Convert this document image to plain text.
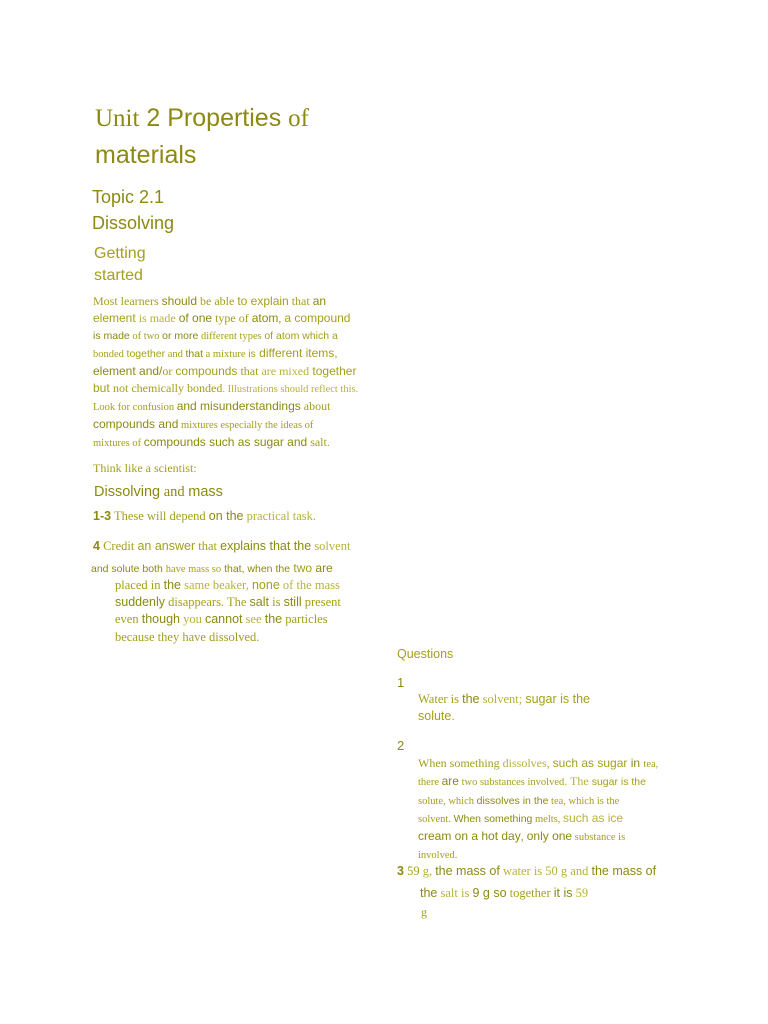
Unit 2 Properties of
materials
Topic 2.1
Dissolving
Getting
started
Most learners should be able to explain that an
element is made of one type of atom, a compound
is made of two or more different types of atom which a
bonded together and that a mixture is different items,
element and/or compounds that are mixed together
but not chemically bonded. Illustrations should reflect this.
Look for confusion and misunderstandings about
compounds and mixtures especially the ideas of
mixtures of compounds such as sugar and salt.
Think like a scientist:
Dissolving and mass
1-3 These will depend on the practical task.
4 Credit an answer that explains that the solvent
and solute both have mass so that, when the two are
placed in the same beaker, none of the mass
suddenly disappears. The salt is still present
even though you cannot see the particles
because they have dissolved.
Questions
1
Water is the solvent; sugar is the
solute.
2
When something dissolves, such as sugar in tea,
there are two substances involved. The sugar is the
solute, which dissolves in the tea, which is the
solvent. When something melts, such as ice
cream on a hot day, only one substance is
involved.
3 59 g, the mass of water is 50 g and the mass of
the salt is 9 g so together it is 59
g
